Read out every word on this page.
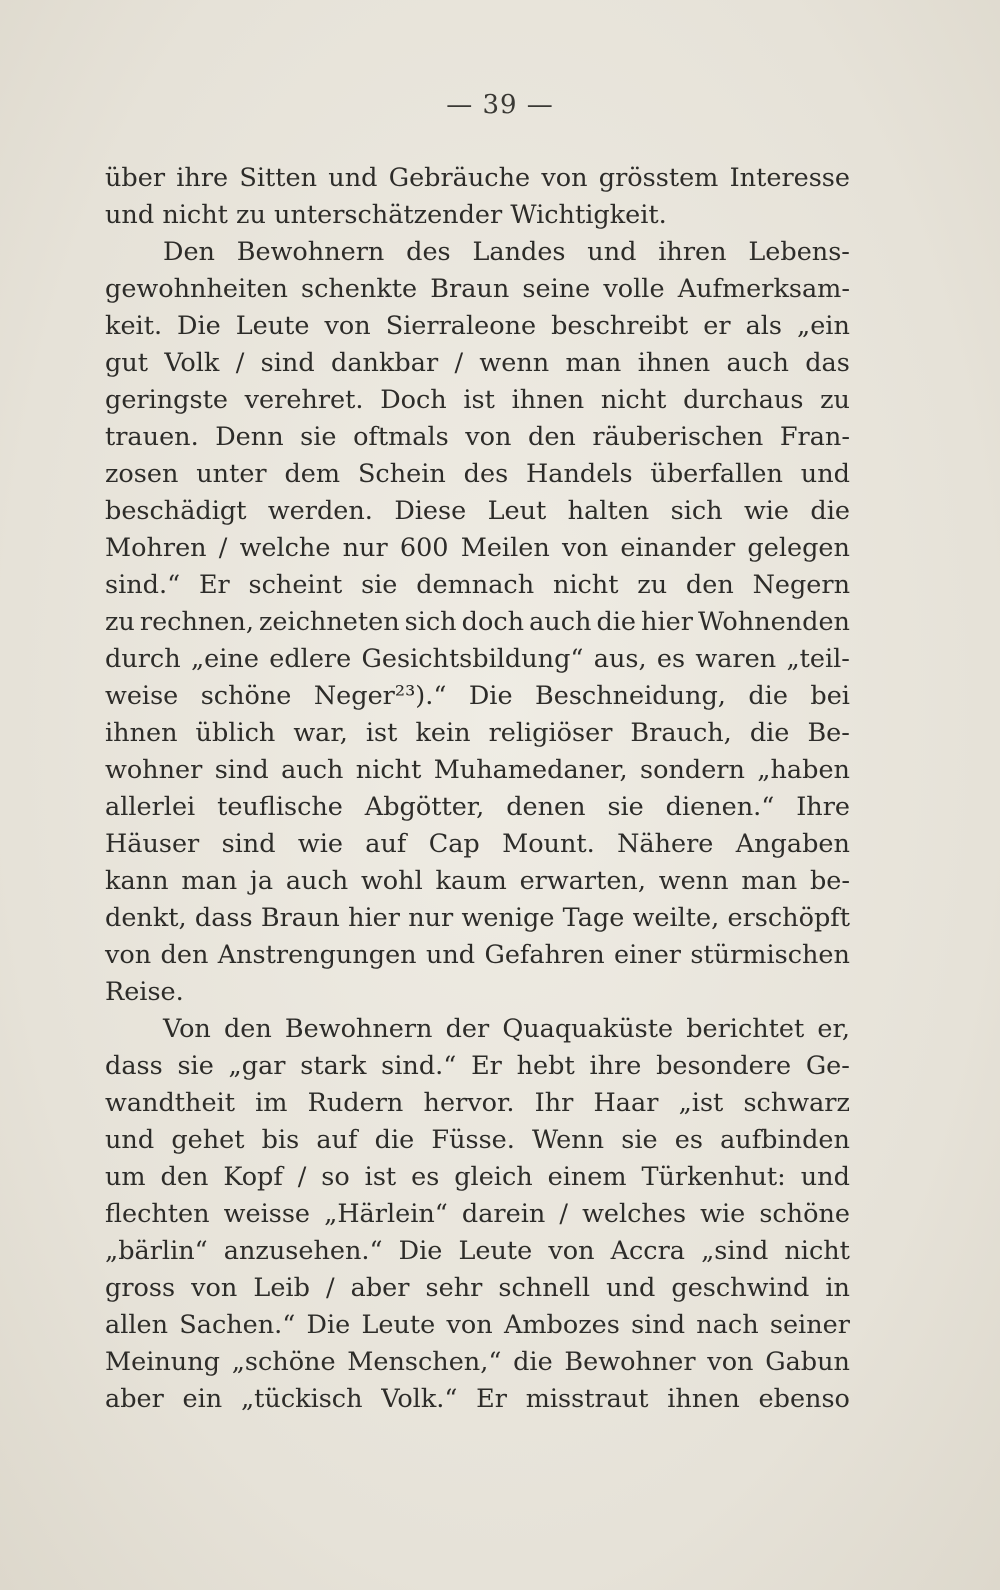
— 39 —
über ihre Sitten und Gebräuche von grösstem Interesse
und nicht zu unterschätzender Wichtigkeit.
Den Bewohnern des Landes und ihren Lebens-
gewohnheiten schenkte Braun seine volle Aufmerksam-
keit. Die Leute von Sierraleone beschreibt er als „ein
gut Volk / sind dankbar / wenn man ihnen auch das
geringste verehret. Doch ist ihnen nicht durchaus zu
trauen. Denn sie oftmals von den räuberischen Fran-
zosen unter dem Schein des Handels überfallen und
beschädigt werden. Diese Leut halten sich wie die
Mohren / welche nur 600 Meilen von einander gelegen
sind.“ Er scheint sie demnach nicht zu den Negern
zu rechnen, zeichneten sich doch auch die hier Wohnenden
durch „eine edlere Gesichtsbildung“ aus, es waren „teil-
weise schöne Neger²³).“ Die Beschneidung, die bei
ihnen üblich war, ist kein religiöser Brauch, die Be-
wohner sind auch nicht Muhamedaner, sondern „haben
allerlei teuflische Abgötter, denen sie dienen.“ Ihre
Häuser sind wie auf Cap Mount. Nähere Angaben
kann man ja auch wohl kaum erwarten, wenn man be-
denkt, dass Braun hier nur wenige Tage weilte, erschöpft
von den Anstrengungen und Gefahren einer stürmischen
Reise.
Von den Bewohnern der Quaquaküste berichtet er,
dass sie „gar stark sind.“ Er hebt ihre besondere Ge-
wandtheit im Rudern hervor. Ihr Haar „ist schwarz
und gehet bis auf die Füsse. Wenn sie es aufbinden
um den Kopf / so ist es gleich einem Türkenhut: und
flechten weisse „Härlein“ darein / welches wie schöne
„bärlin“ anzusehen.“ Die Leute von Accra „sind nicht
gross von Leib / aber sehr schnell und geschwind in
allen Sachen.“ Die Leute von Ambozes sind nach seiner
Meinung „schöne Menschen,“ die Bewohner von Gabun
aber ein „tückisch Volk.“ Er misstraut ihnen ebenso
